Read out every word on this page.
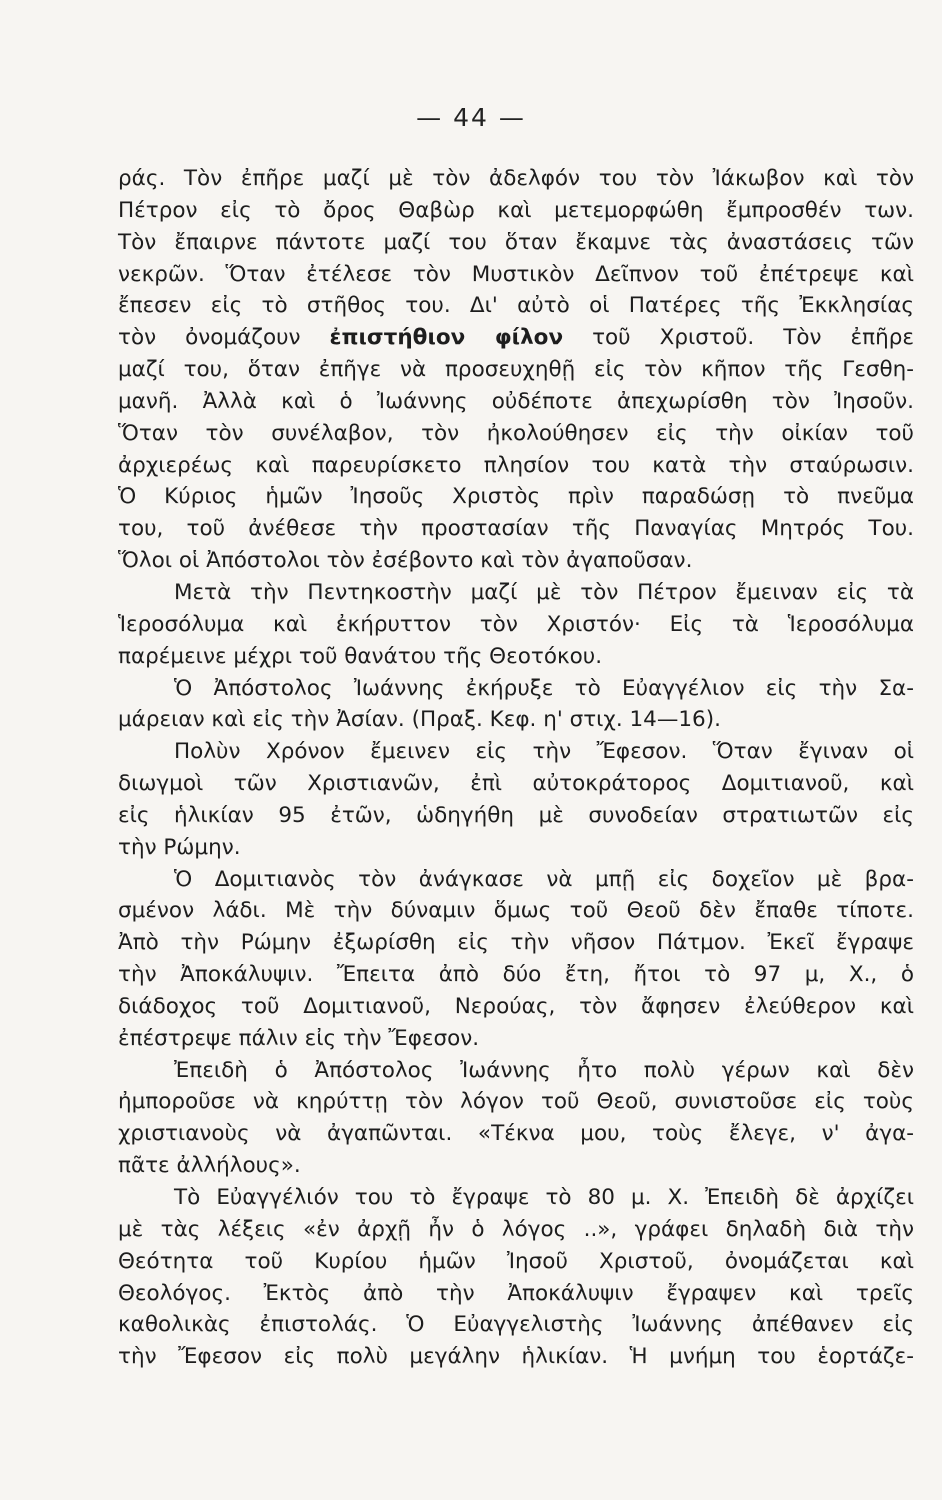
— 44 —
ράς. Τὸν ἐπῆρε μαζί μὲ τὸν ἀδελφόν του τὸν Ἰάκωβον καὶ τὸν
Πέτρον εἰς τὸ ὄρος Θαβὼρ καὶ μετεμορφώθη ἔμπροσθέν των.
Τὸν ἔπαιρνε πάντοτε μαζί του ὅταν ἔκαμνε τὰς ἀναστάσεις τῶν
νεκρῶν. Ὅταν ἐτέλεσε τὸν Μυστικὸν Δεῖπνον τοῦ ἐπέτρεψε καὶ
ἔπεσεν εἰς τὸ στῆθος του. Δι' αὐτὸ οἱ Πατέρες τῆς Ἐκκλησίας
τὸν ὀνομάζουν ἐπιστήθιον φίλον τοῦ Χριστοῦ. Τὸν ἐπῆρε
μαζί του, ὅταν ἐπῆγε νὰ προσευχηθῇ εἰς τὸν κῆπον τῆς Γεσθη-
μανῆ. Ἀλλὰ καὶ ὁ Ἰωάννης οὐδέποτε ἀπεχωρίσθη τὸν Ἰησοῦν.
Ὅταν τὸν συνέλαβον, τὸν ἠκολούθησεν εἰς τὴν οἰκίαν τοῦ
ἀρχιερέως καὶ παρευρίσκετο πλησίον του κατὰ τὴν σταύρωσιν.
Ὁ Κύριος ἡμῶν Ἰησοῦς Χριστὸς πρὶν παραδώσῃ τὸ πνεῦμα
του, τοῦ ἀνέθεσε τὴν προστασίαν τῆς Παναγίας Μητρός Του.
Ὅλοι οἱ Ἀπόστολοι τὸν ἐσέβοντο καὶ τὸν ἀγαποῦσαν.
Μετὰ τὴν Πεντηκοστὴν μαζί μὲ τὸν Πέτρον ἔμειναν εἰς τὰ
Ἱεροσόλυμα καὶ ἐκήρυττον τὸν Χριστόν· Εἰς τὰ Ἱεροσόλυμα
παρέμεινε μέχρι τοῦ θανάτου τῆς Θεοτόκου.
Ὁ Ἀπόστολος Ἰωάννης ἐκήρυξε τὸ Εὐαγγέλιον εἰς τὴν Σα-
μάρειαν καὶ εἰς τὴν Ἀσίαν. (Πραξ. Κεφ. η' στιχ. 14—16).
Πολὺν Χρόνον ἔμεινεν εἰς τὴν Ἔφεσον. Ὅταν ἔγιναν οἱ
διωγμοὶ τῶν Χριστιανῶν, ἐπὶ αὐτοκράτορος Δομιτιανοῦ, καὶ
εἰς ἡλικίαν 95 ἐτῶν, ὡδηγήθη μὲ συνοδείαν στρατιωτῶν εἰς
τὴν Ρώμην.
Ὁ Δομιτιανὸς τὸν ἀνάγκασε νὰ μπῇ εἰς δοχεῖον μὲ βρα-
σμένον λάδι. Μὲ τὴν δύναμιν ὅμως τοῦ Θεοῦ δὲν ἔπαθε τίποτε.
Ἀπὸ τὴν Ρώμην ἐξωρίσθη εἰς τὴν νῆσον Πάτμον. Ἐκεῖ ἔγραψε
τὴν Ἀποκάλυψιν. Ἔπειτα ἀπὸ δύο ἔτη, ἤτοι τὸ 97 μ, Χ., ὁ
διάδοχος τοῦ Δομιτιανοῦ, Νερούας, τὸν ἄφησεν ἐλεύθερον καὶ
ἐπέστρεψε πάλιν εἰς τὴν Ἔφεσον.
Ἐπειδὴ ὁ Ἀπόστολος Ἰωάννης ἦτο πολὺ γέρων καὶ δὲν
ἠμποροῦσε νὰ κηρύττῃ τὸν λόγον τοῦ Θεοῦ, συνιστοῦσε εἰς τοὺς
χριστιανοὺς νὰ ἀγαπῶνται. «Τέκνα μου, τοὺς ἔλεγε, ν' ἀγα-
πᾶτε ἀλλήλους».
Τὸ Εὐαγγέλιόν του τὸ ἔγραψε τὸ 80 μ. Χ. Ἐπειδὴ δὲ ἀρχίζει
μὲ τὰς λέξεις «ἐν ἀρχῇ ἦν ὁ λόγος ..», γράφει δηλαδὴ διὰ τὴν
Θεότητα τοῦ Κυρίου ἡμῶν Ἰησοῦ Χριστοῦ, ὀνομάζεται καὶ
Θεολόγος. Ἐκτὸς ἀπὸ τὴν Ἀποκάλυψιν ἔγραψεν καὶ τρεῖς
καθολικὰς ἐπιστολάς. Ὁ Εὐαγγελιστὴς Ἰωάννης ἀπέθανεν εἰς
τὴν Ἔφεσον εἰς πολὺ μεγάλην ἡλικίαν. Ἡ μνήμη του ἑορτάζε-
